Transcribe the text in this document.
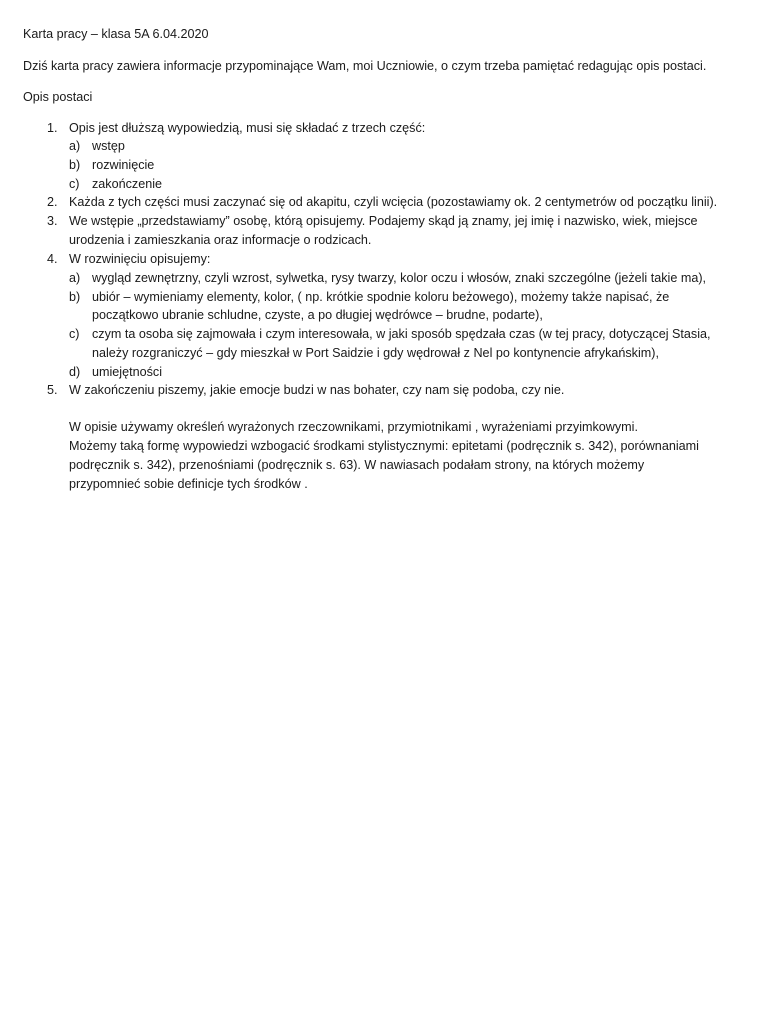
Karta pracy – klasa 5A 6.04.2020
Dziś karta pracy zawiera informacje przypominające Wam, moi Uczniowie, o czym trzeba pamiętać redagując opis postaci.
Opis postaci
1. Opis jest dłuższą wypowiedzią, musi się składać z trzech część:
a) wstęp
b) rozwinięcie
c) zakończenie
2. Każda z tych części musi zaczynać się od akapitu, czyli wcięcia (pozostawiamy ok. 2 centymetrów od początku linii).
3. We wstępie „przedstawiamy” osobę, którą opisujemy. Podajemy skąd ją znamy, jej imię i nazwisko, wiek, miejsce
urodzenia i zamieszkania oraz informacje o rodzicach.
4. W rozwinięciu opisujemy:
a) wygląd zewnętrzny, czyli wzrost, sylwetka, rysy twarzy, kolor oczu i włosów, znaki szczególne (jeżeli takie ma),
b) ubiór – wymieniamy elementy, kolor, ( np. krótkie spodnie koloru beżowego), możemy także napisać, że
początkowo ubranie schludne, czyste, a po długiej wędrówce – brudne, podarte),
c) czym ta osoba się zajmowała i czym interesowała, w jaki sposób spędzała czas (w tej pracy, dotyczącej Stasia,
należy rozgraniczyć – gdy mieszkał w Port Saidzie i gdy wędrował z Nel po kontynencie afrykańskim),
d) umiejętności
5. W zakończeniu piszemy, jakie emocje budzi w nas bohater, czy nam się podoba, czy nie.
W opisie używamy określeń wyrażonych rzeczownikami, przymiotnikami , wyrażeniami przyimkowymi.
Możemy taką formę wypowiedzi wzbogacić środkami stylistycznymi: epitetami (podręcznik s. 342), porównaniami
podręcznik s. 342), przenośniami (podręcznik s. 63). W nawiasach podałam strony, na których możemy
przypomnieć sobie definicje tych środków .
